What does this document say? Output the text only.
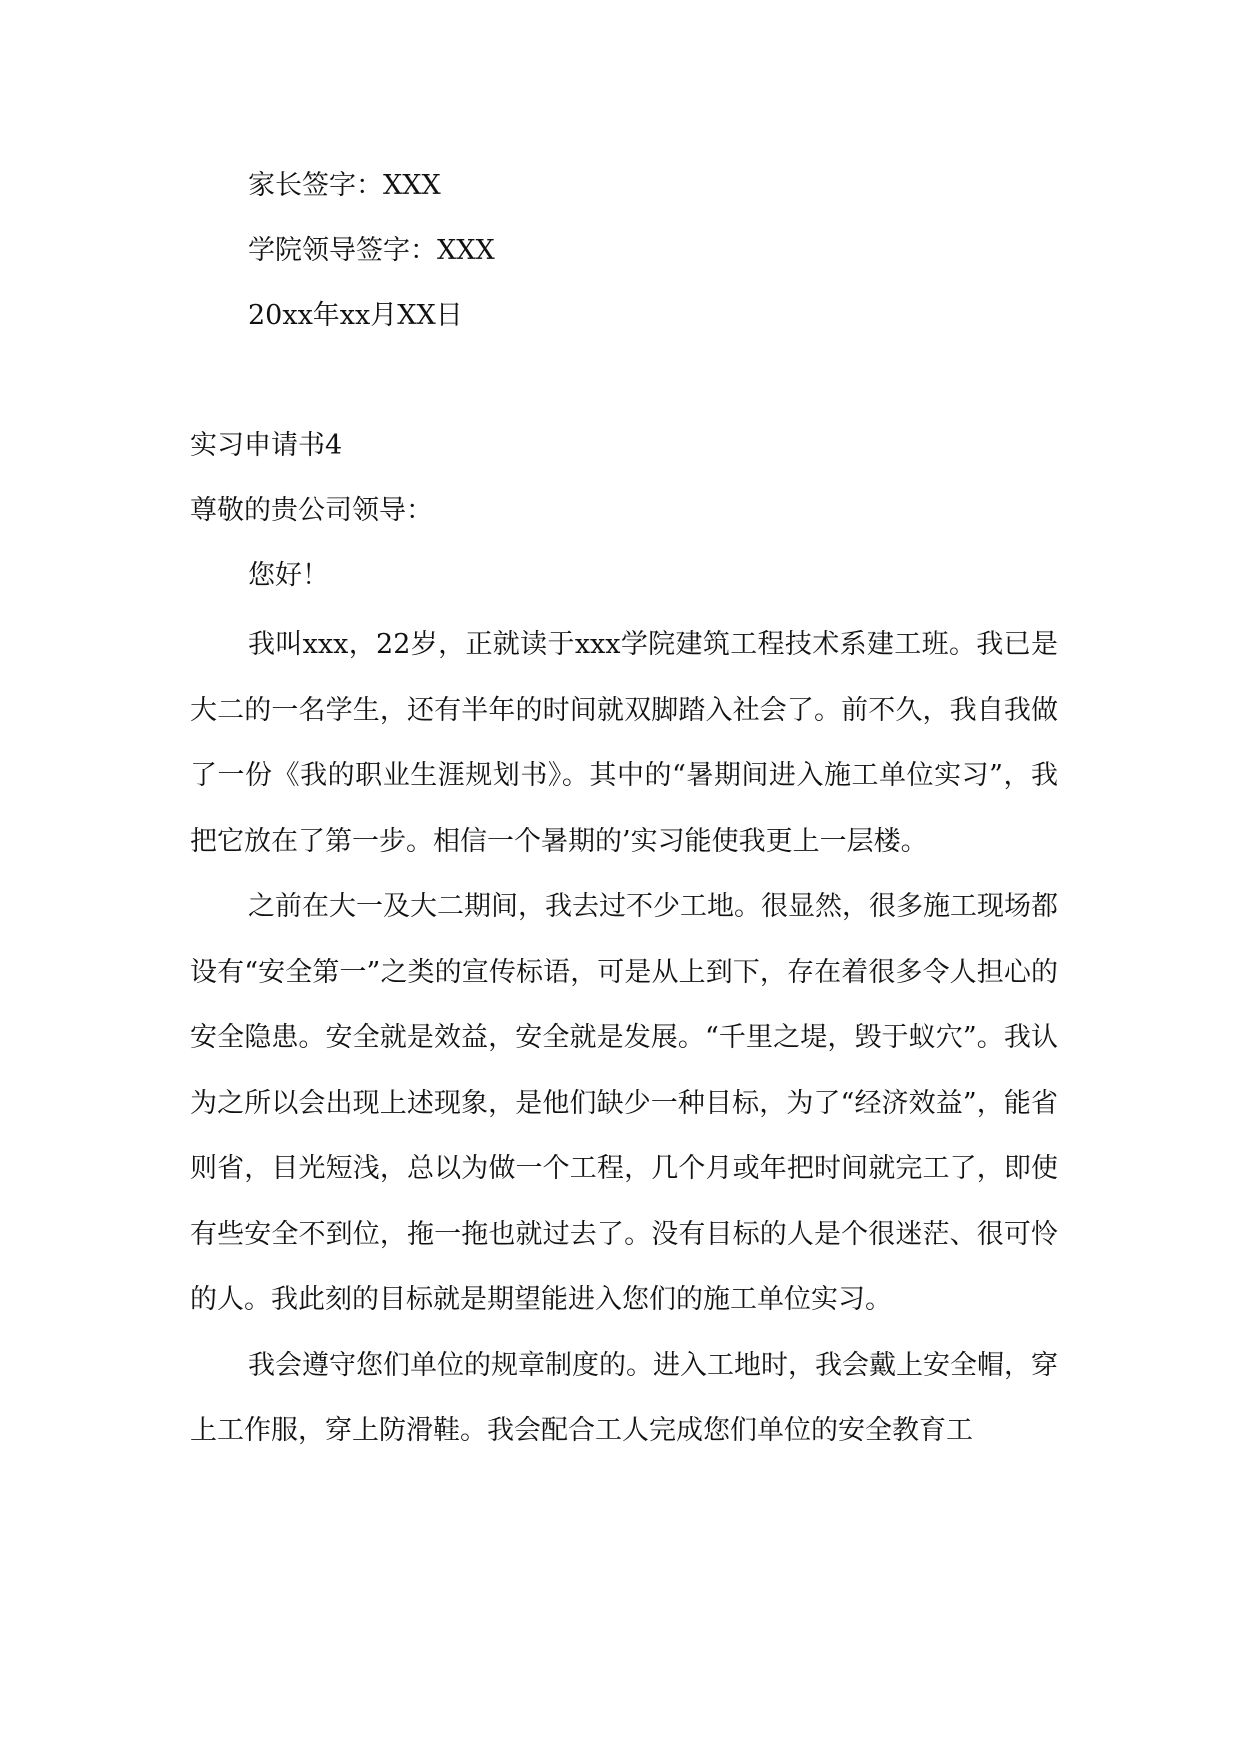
家长签字：XXX
学院领导签字：XXX
20xx年xx月XX日
实习申请书4
尊敬的贵公司领导：
您好！

我叫xxx，22岁，正就读于xxx学院建筑工程技术系建工班。我已是大二的一名学生，还有半年的时间就双脚踏入社会了。前不久，我自我做了一份《我的职业生涯规划书》。其中的“暑期间进入施工单位实习”，我把它放在了第一步。相信一个暑期的’实习能使我更上一层楼。

之前在大一及大二期间，我去过不少工地。很显然，很多施工现场都设有“安全第一”之类的宣传标语，可是从上到下，存在着很多令人担心的安全隐患。安全就是效益，安全就是发展。“千里之堤，毁于蚁穴”。我认为之所以会出现上述现象，是他们缺少一种目标，为了“经济效益”，能省则省，目光短浅，总以为做一个工程，几个月或年把时间就完工了，即使有些安全不到位，拖一拖也就过去了。没有目标的人是个很迷茫、很可怜的人。我此刻的目标就是期望能进入您们的施工单位实习。

我会遵守您们单位的规章制度的。进入工地时，我会戴上安全帽，穿上工作服，穿上防滑鞋。我会配合工人完成您们单位的安全教育工
